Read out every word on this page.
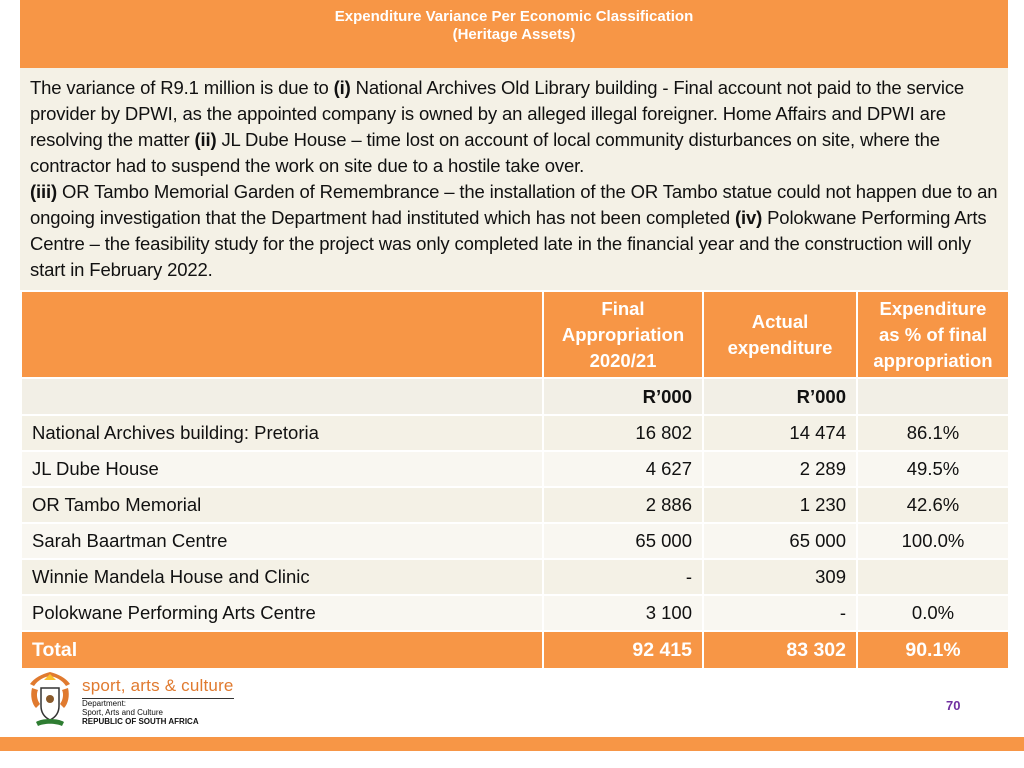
Expenditure Variance Per Economic Classification
(Heritage Assets)
The variance of R9.1 million is due to (i) National Archives Old Library building - Final account not paid to the service provider by DPWI, as the appointed company is owned by an alleged illegal foreigner. Home Affairs and DPWI are resolving the matter (ii) JL Dube House – time lost on account of local community disturbances on site, where the contractor had to suspend the work on site due to a hostile take over.
(iii) OR Tambo Memorial Garden of Remembrance – the installation of the OR Tambo statue could not happen due to an ongoing investigation that the Department had instituted which has not been completed (iv) Polokwane Performing Arts Centre – the feasibility study for the project was only completed late in the financial year and the construction will only start in February 2022.
	Final Appropriation 2020/21	Actual expenditure	Expenditure as % of final appropriation
	R’000	R’000	
National Archives building: Pretoria	16 802	14 474	86.1%
JL Dube House	4 627	2 289	49.5%
OR Tambo Memorial	2 886	1 230	42.6%
Sarah Baartman Centre	65 000	65 000	100.0%
Winnie Mandela House and Clinic	-	309	
Polokwane Performing Arts Centre	3 100	-	0.0%
Total	92 415	83 302	90.1%
sport, arts & culture
Department:
Sport, Arts and Culture
REPUBLIC OF SOUTH AFRICA
70
